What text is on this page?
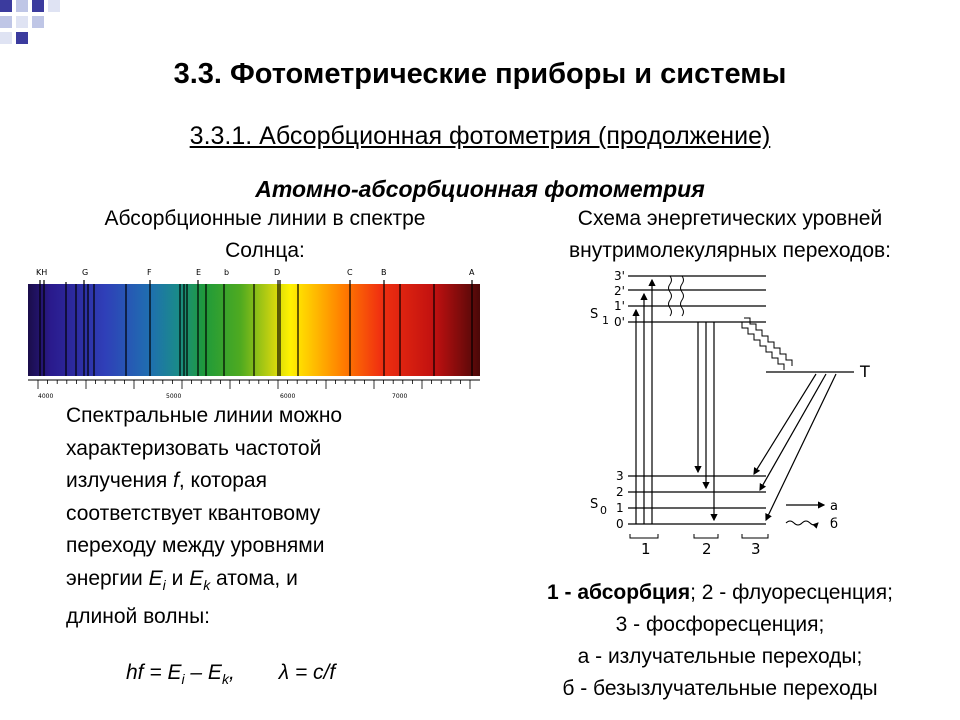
3.3. Фотометрические приборы и системы
3.3.1. Абсорбционная фотометрия (продолжение)
Атомно-абсорбционная фотометрия
Абсорбционные линии в спектре
Солнца:
Схема энергетических уровней
внутримолекулярных переходов:
KH	G	F	E	b	D	C	B	A
4000	5000	6000	7000
Спектральные линии можно
характеризовать частотой
излучения f, которая
соответствует квантовому
переходу между уровнями
энергии $E_i$ и $E_k$ атома, и
длиной волны:
hf = $E_i - E_k$, λ = c/f
S 1
S 0
3'
2'
1'
0'
3
2
1
0
T
а
б
1	2	3
1 - абсорбция; 2 - флуоресценция;
3 - фосфоресценция;
а - излучательные переходы;
б - безызлучательные переходы
